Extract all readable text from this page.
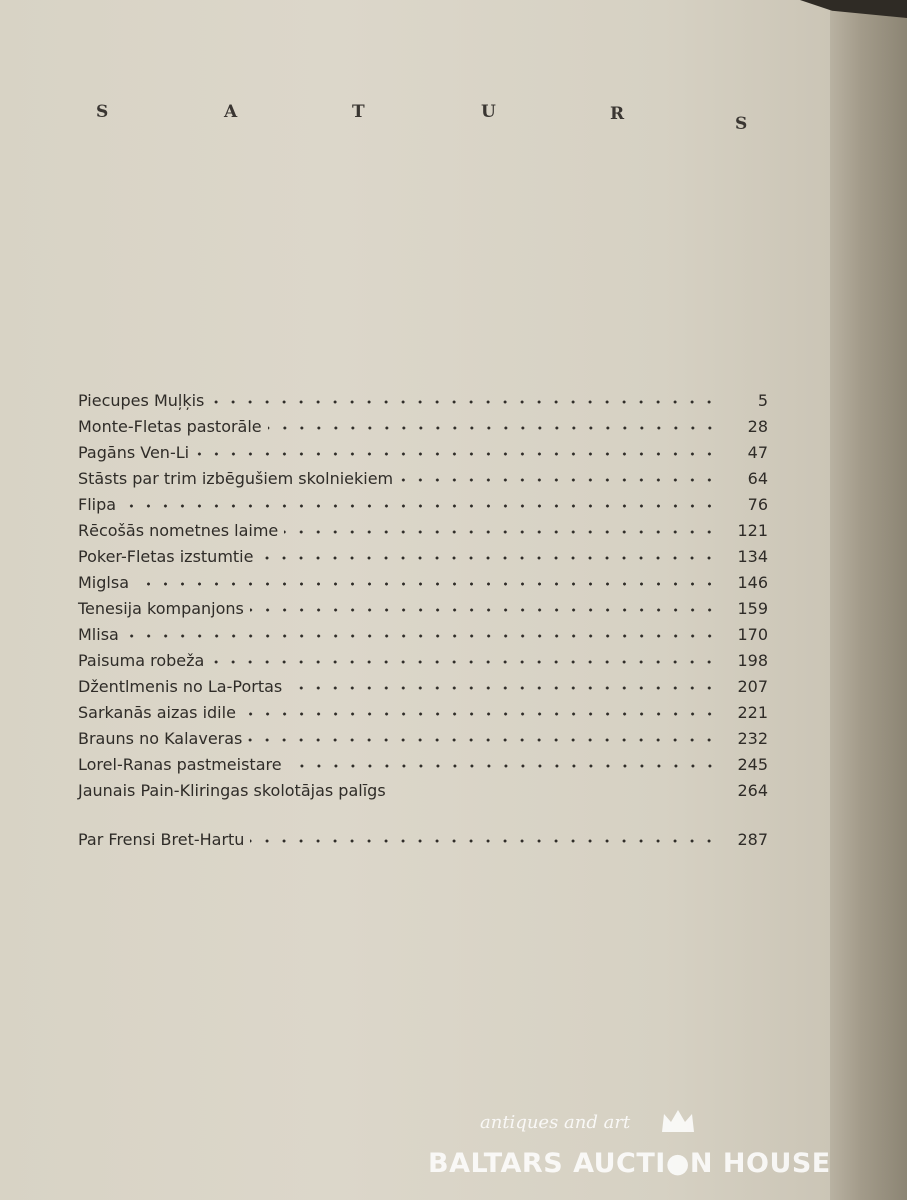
S	A	T	U	R	S
Piecupes Muļķis	5
Monte-Fletas pastorāle	28
Pagāns Ven-Li	47
Stāsts par trim izbēgušiem skolniekiem	64
Flipa	76
Rēcošās nometnes laime	121
Poker-Fletas izstumtie	134
Miglsa	146
Tenesija kompanjons	159
Mlisa	170
Paisuma robeža	198
Džentlmenis no La-Portas	207
Sarkanās aizas idile	221
Brauns no Kalaveras	232
Lorel-Ranas pastmeistare	245
Jaunais Pain-Kliringas skolotājas palīgs	264
Par Frensi Bret-Hartu	287
antiques and art
BALTARS AUCTI●N HOUSE
